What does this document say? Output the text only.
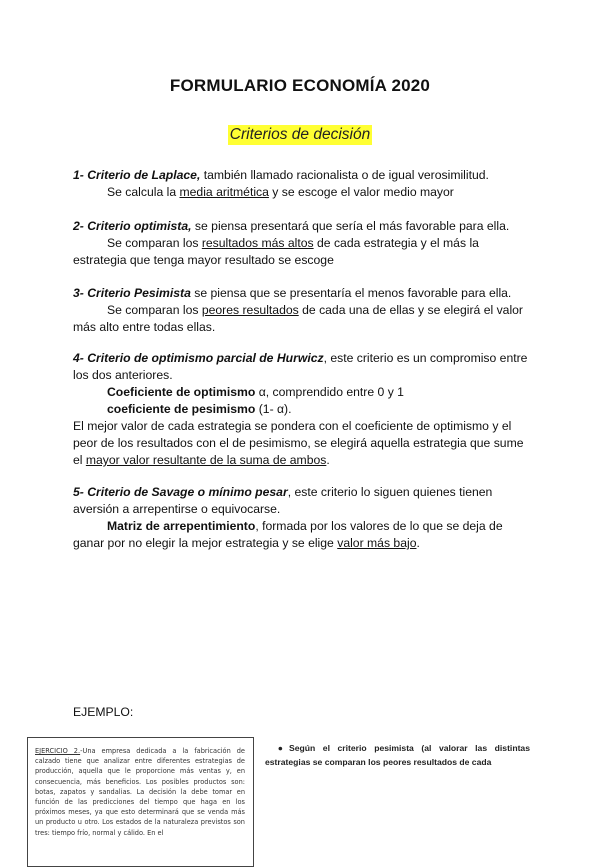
FORMULARIO ECONOMÍA 2020
Criterios de decisión

1- Criterio de Laplace, también llamado racionalista o de igual verosimilitud.

Se calcula la media aritmética y se escoge el valor medio mayor

2- Criterio optimista, se piensa presentará que sería el más favorable para ella.

Se comparan los resultados más altos de cada estrategia y el más la

estrategia que tenga mayor resultado se escoge

3- Criterio Pesimista se piensa que se presentaría el menos favorable para ella.

Se comparan los peores resultados de cada una de ellas y se elegirá el valor

más alto entre todas ellas.

4- Criterio de optimismo parcial de Hurwicz, este criterio es un compromiso entre

los dos anteriores.

Coeficiente de optimismo α, comprendido entre 0 y 1

coeficiente de pesimismo (1- α).

El mejor valor de cada estrategia se pondera con el coeficiente de optimismo y el

peor de los resultados con el de pesimismo, se elegirá aquella estrategia que sume

el mayor valor resultante de la suma de ambos.

5- Criterio de Savage o mínimo pesar, este criterio lo siguen quienes tienen

aversión a arrepentirse o equivocarse.

Matriz de arrepentimiento, formada por los valores de lo que se deja de

ganar por no elegir la mejor estrategia y se elige valor más bajo.

EJEMPLO:
EJERCICIO 2.-Una empresa dedicada a la fabricación de calzado tiene que analizar entre diferentes estrategias de producción, aquella que le proporcione más ventas y, en consecuencia, más beneficios. Los posibles productos son: botas, zapatos y sandalias. La decisión la debe tomar en función de las predicciones del tiempo que haga en los próximos meses, ya que esto determinará que se venda más un producto u otro. Los estados de la naturaleza previstos son tres: tiempo frío, normal y cálido. En el
● Según el criterio pesimista (al valorar las distintas estrategias se comparan los peores resultados de cada
